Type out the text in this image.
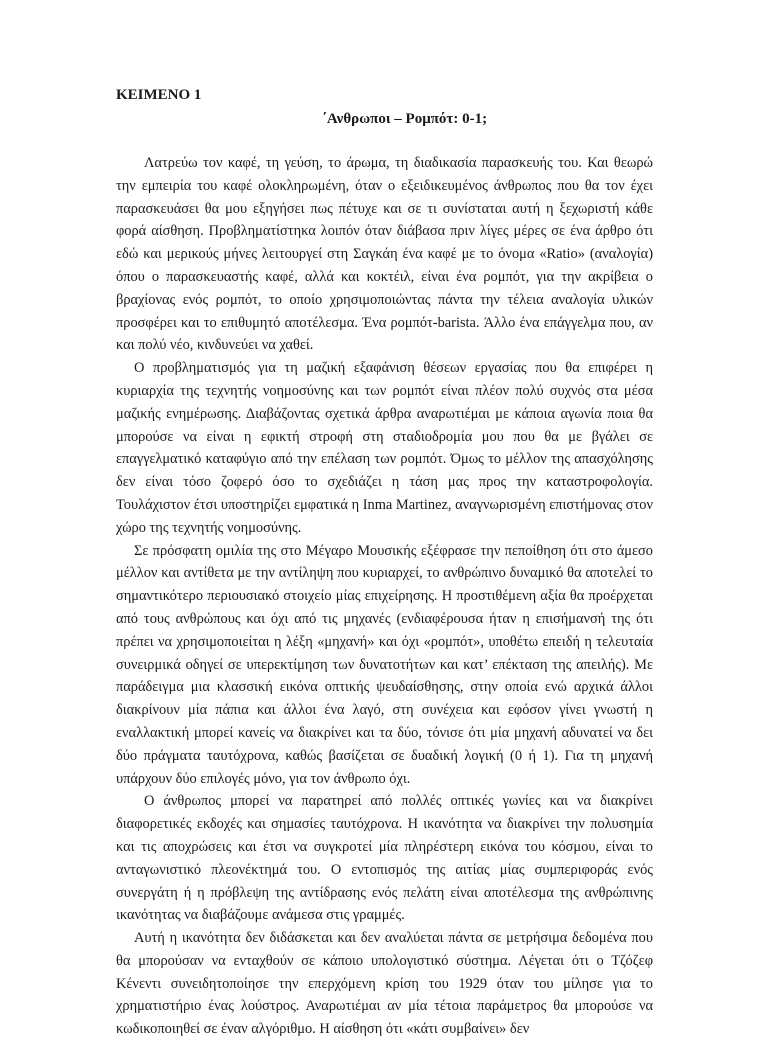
ΚΕΙΜΕΝΟ 1
΄Ανθρωποι – Ρομπότ: 0-1;

Λατρεύω τον καφέ, τη γεύση, το άρωμα, τη διαδικασία παρασκευής του. Και θεωρώ την εμπειρία του καφέ ολοκληρωμένη, όταν ο εξειδικευμένος άνθρωπος που θα τον έχει παρασκευάσει θα μου εξηγήσει πως πέτυχε και σε τι συνίσταται αυτή η ξεχωριστή κάθε φορά αίσθηση. Προβληματίστηκα λοιπόν όταν διάβασα πριν λίγες μέρες σε ένα άρθρο ότι εδώ και μερικούς μήνες λειτουργεί στη Σαγκάη ένα καφέ με το όνομα «Ratio» (αναλογία) όπου ο παρασκευαστής καφέ, αλλά και κοκτέιλ, είναι ένα ρομπότ, για την ακρίβεια ο βραχίονας ενός ρομπότ, το οποίο χρησιμοποιώντας πάντα την τέλεια αναλογία υλικών προσφέρει και το επιθυμητό αποτέλεσμα. Ένα ρομπότ-barista. Άλλο ένα επάγγελμα που, αν και πολύ νέο, κινδυνεύει να χαθεί.

Ο προβληματισμός για τη μαζική εξαφάνιση θέσεων εργασίας που θα επιφέρει η κυριαρχία της τεχνητής νοημοσύνης και των ρομπότ είναι πλέον πολύ συχνός στα μέσα μαζικής ενημέρωσης. Διαβάζοντας σχετικά άρθρα αναρωτιέμαι με κάποια αγωνία ποια θα μπορούσε να είναι η εφικτή στροφή στη σταδιοδρομία μου που θα με βγάλει σε επαγγελματικό καταφύγιο από την επέλαση των ρομπότ. Όμως το μέλλον της απασχόλησης δεν είναι τόσο ζοφερό όσο το σχεδιάζει η τάση μας προς την καταστροφολογία. Τουλάχιστον έτσι υποστηρίζει εμφατικά η Inma Martinez, αναγνωρισμένη επιστήμονας στον χώρο της τεχνητής νοημοσύνης.

Σε πρόσφατη ομιλία της στο Μέγαρο Μουσικής εξέφρασε την πεποίθηση ότι στο άμεσο μέλλον και αντίθετα με την αντίληψη που κυριαρχεί, το ανθρώπινο δυναμικό θα αποτελεί το σημαντικότερο περιουσιακό στοιχείο μίας επιχείρησης. Η προστιθέμενη αξία θα προέρχεται από τους ανθρώπους και όχι από τις μηχανές (ενδιαφέρουσα ήταν η επισήμανσή της ότι πρέπει να χρησιμοποιείται η λέξη «μηχανή» και όχι «ρομπότ», υποθέτω επειδή η τελευταία συνειρμικά οδηγεί σε υπερεκτίμηση των δυνατοτήτων και κατ’ επέκταση της απειλής). Με παράδειγμα μια κλασσική εικόνα οπτικής ψευδαίσθησης, στην οποία ενώ αρχικά άλλοι διακρίνουν μία πάπια και άλλοι ένα λαγό, στη συνέχεια και εφόσον γίνει γνωστή η εναλλακτική μπορεί κανείς να διακρίνει και τα δύο, τόνισε ότι μία μηχανή αδυνατεί να δει δύο πράγματα ταυτόχρονα, καθώς βασίζεται σε δυαδική λογική (0 ή 1). Για τη μηχανή υπάρχουν δύο επιλογές μόνο, για τον άνθρωπο όχι.

Ο άνθρωπος μπορεί να παρατηρεί από πολλές οπτικές γωνίες και να διακρίνει διαφορετικές εκδοχές και σημασίες ταυτόχρονα. Η ικανότητα να διακρίνει την πολυσημία και τις αποχρώσεις και έτσι να συγκροτεί μία πληρέστερη εικόνα του κόσμου, είναι το ανταγωνιστικό πλεονέκτημά του. Ο εντοπισμός της αιτίας μίας συμπεριφοράς ενός συνεργάτη ή η πρόβλεψη της αντίδρασης ενός πελάτη είναι αποτέλεσμα της ανθρώπινης ικανότητας να διαβάζουμε ανάμεσα στις γραμμές.

Αυτή η ικανότητα δεν διδάσκεται και δεν αναλύεται πάντα σε μετρήσιμα δεδομένα που θα μπορούσαν να ενταχθούν σε κάποιο υπολογιστικό σύστημα. Λέγεται ότι ο Τζόζεφ Κένεντι συνειδητοποίησε την επερχόμενη κρίση του 1929 όταν του μίλησε για το χρηματιστήριο ένας λούστρος. Αναρωτιέμαι αν μία τέτοια παράμετρος θα μπορούσε να κωδικοποιηθεί σε έναν αλγόριθμο. Η αίσθηση ότι «κάτι συμβαίνει» δεν
